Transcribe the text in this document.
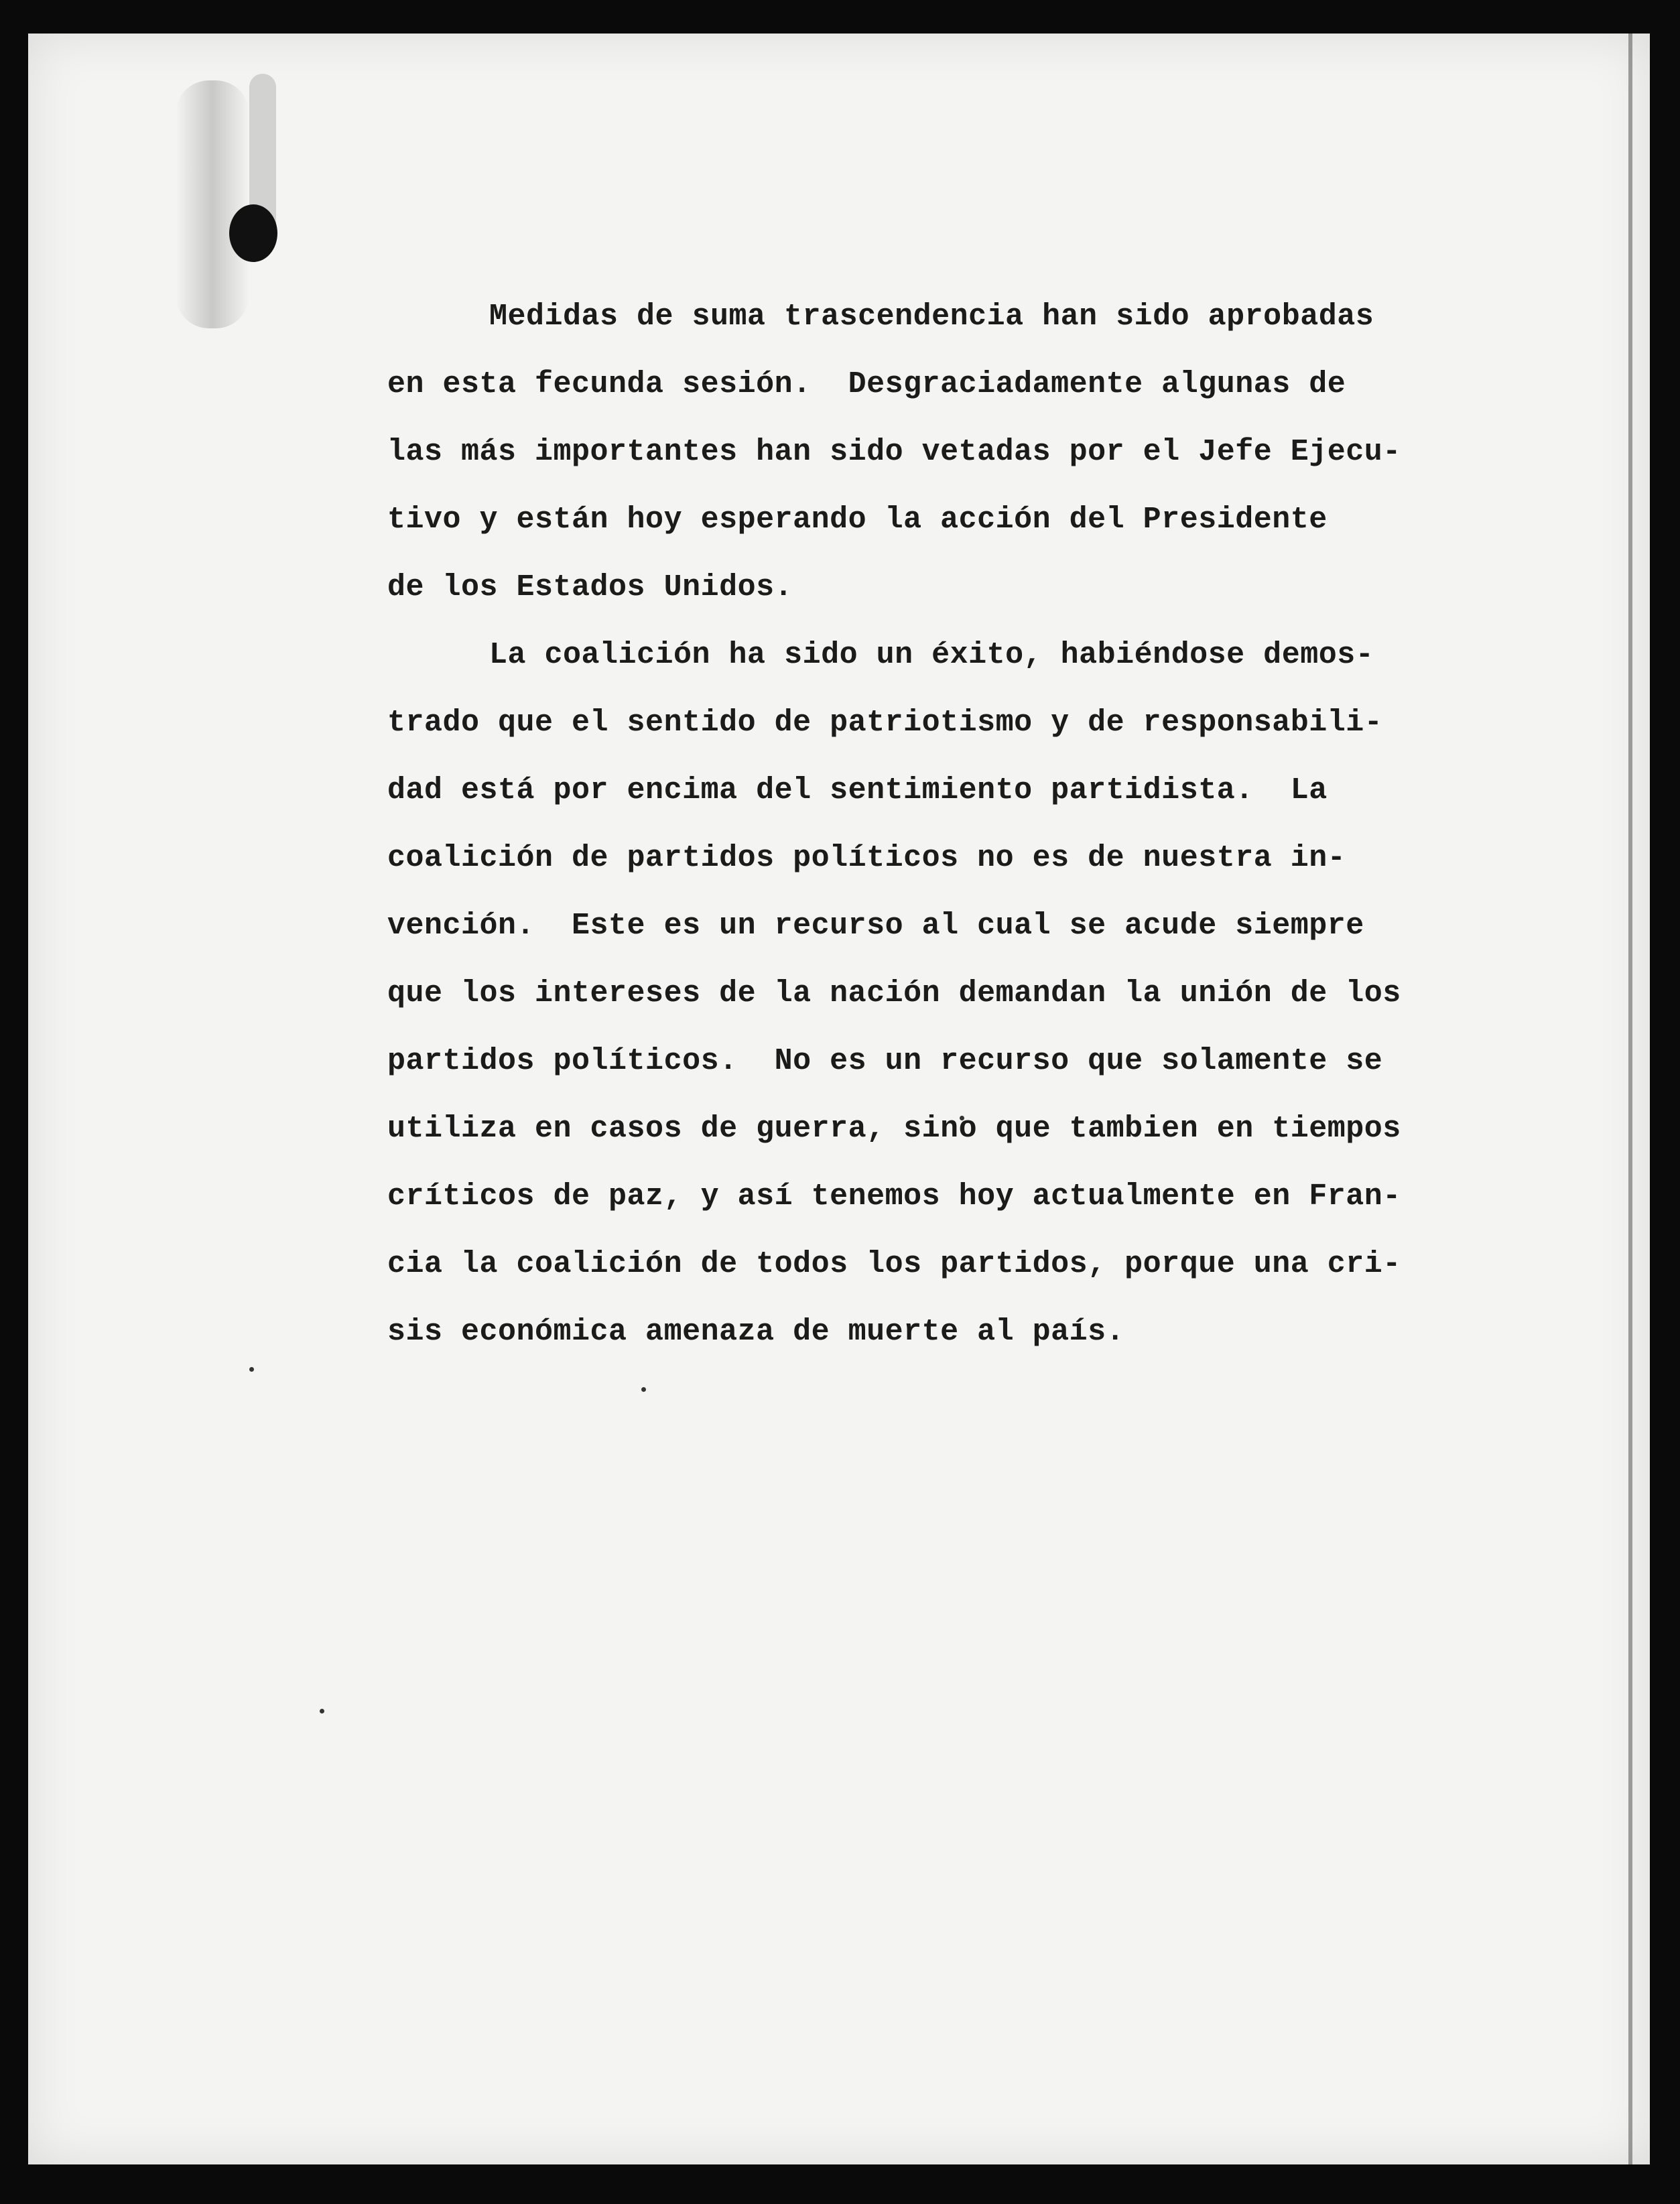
Medidas de suma trascendencia han sido aprobadas
en esta fecunda sesión.  Desgraciadamente algunas de
las más importantes han sido vetadas por el Jefe Ejecu-
tivo y están hoy esperando la acción del Presidente
de los Estados Unidos.
La coalición ha sido un éxito, habiéndose demos-
trado que el sentido de patriotismo y de responsabili-
dad está por encima del sentimiento partidista.  La
coalición de partidos políticos no es de nuestra in-
vención.  Este es un recurso al cual se acude siempre
que los intereses de la nación demandan la unión de los
partidos políticos.  No es un recurso que solamente se
utiliza en casos de guerra, sino que tambien en tiempos
críticos de paz, y así tenemos hoy actualmente en Fran-
cia la coalición de todos los partidos, porque una cri-
sis económica amenaza de muerte al país.
